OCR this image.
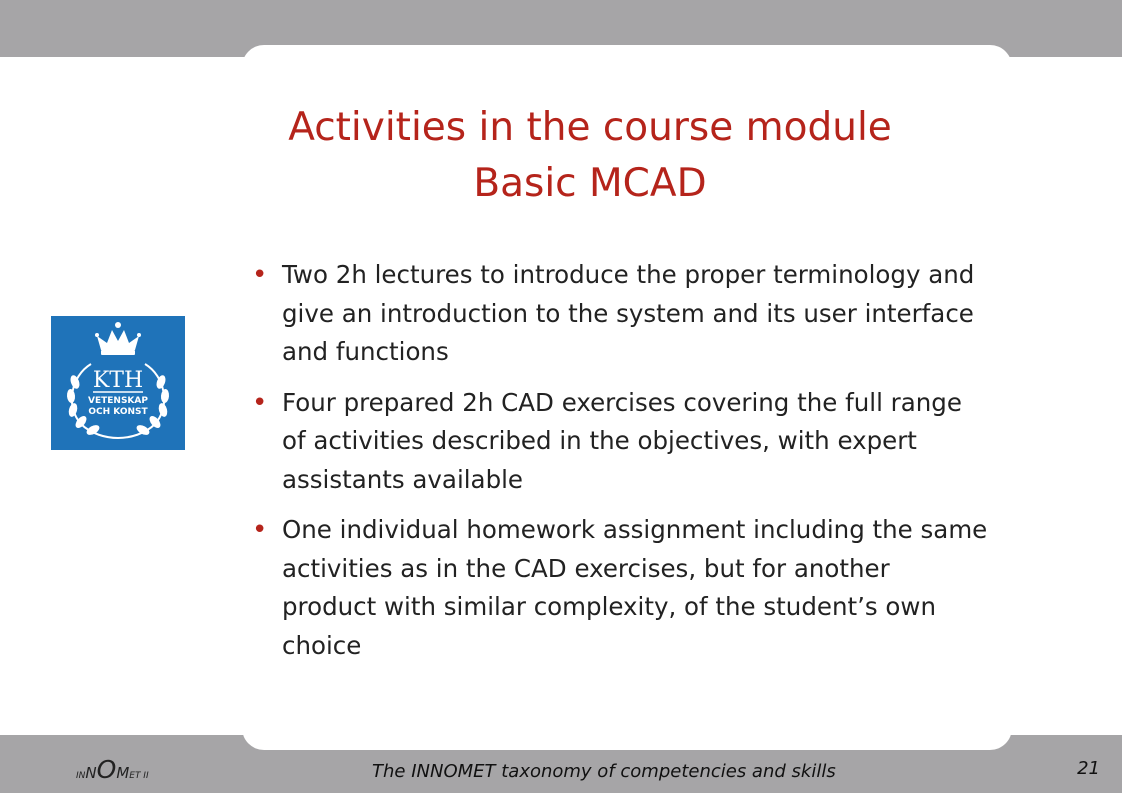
Activities in the course module
Basic MCAD
• Two 2h lectures to introduce the proper terminology and give an introduction to the system and its user interface and functions
• Four prepared 2h CAD exercises covering the full range of activities described in the objectives, with expert assistants available
• One individual homework assignment including the same activities as in the CAD exercises, but for another product with similar complexity, of the student’s own choice
KTH
VETENSKAP
OCH KONST
INNOMET II	The INNOMET taxonomy of competencies and skills	21
